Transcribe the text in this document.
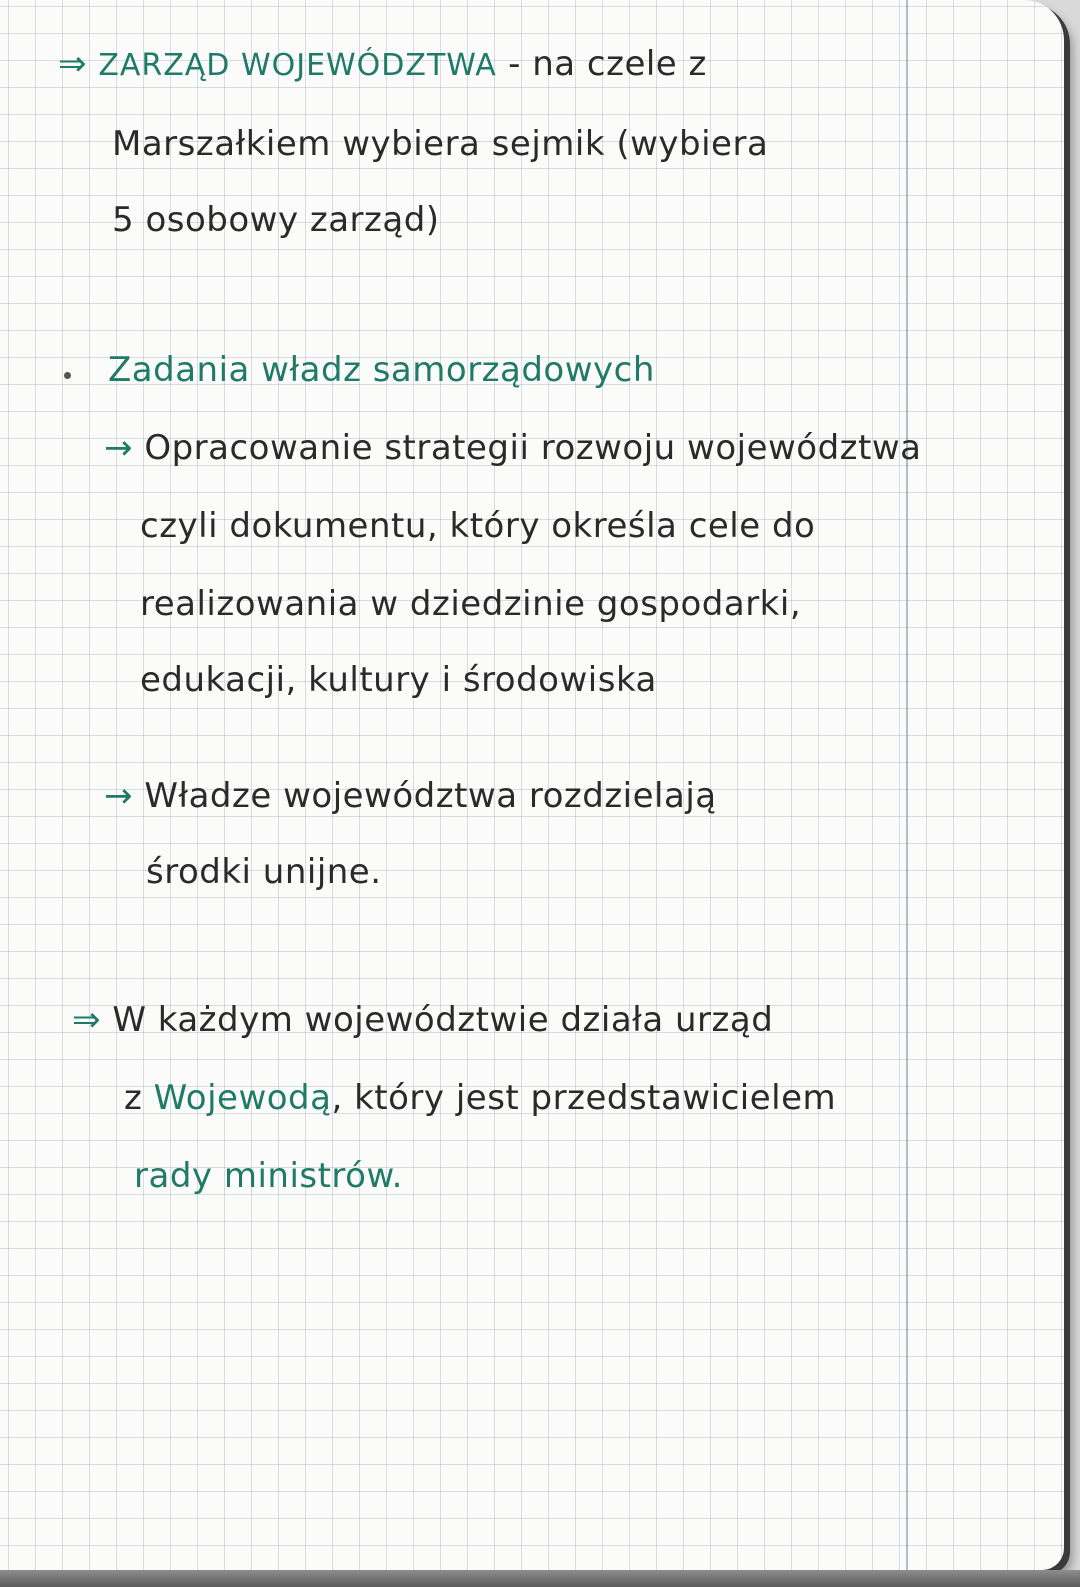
⇒ ZARZĄD WOJEWÓDZTWA - na czele z
Marszałkiem wybiera sejmik (wybiera
5 osobowy zarząd)
Zadania władz samorządowych
→ Opracowanie strategii rozwoju województwa
czyli dokumentu, który określa cele do
realizowania w dziedzinie gospodarki,
edukacji, kultury i środowiska
→ Władze województwa rozdzielają
środki unijne.
⇒ W każdym województwie działa urząd
z Wojewodą, który jest przedstawicielem
rady ministrów.
